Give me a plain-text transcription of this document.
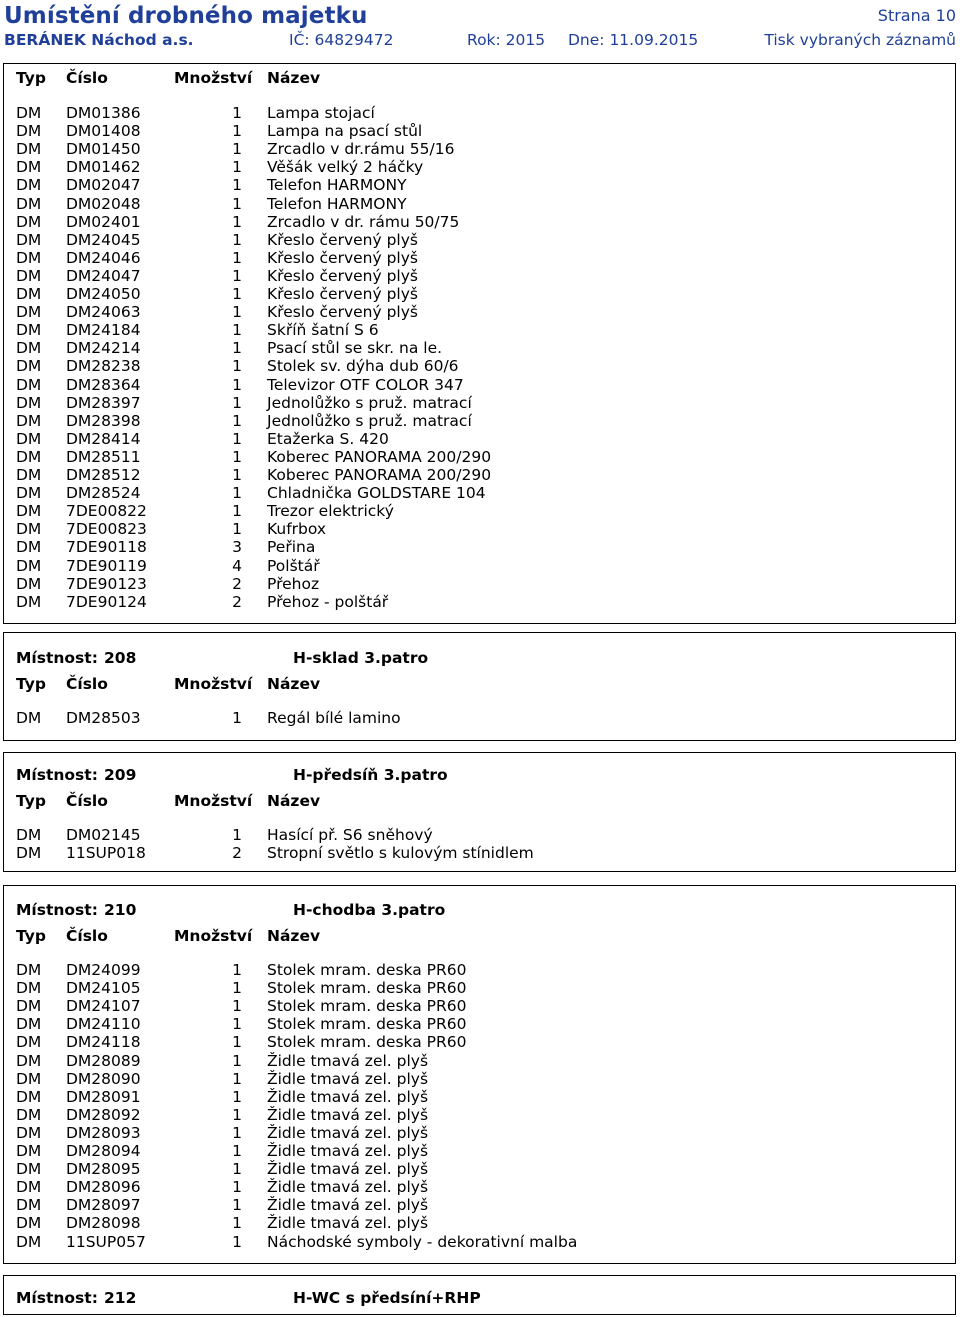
Umístění drobného majetku	Strana 10
BERÁNEK Náchod a.s.	IČ: 64829472	Rok: 2015 Dne: 11.09.2015	Tisk vybraných záznamů
Typ Číslo	Množství Název
DM DM01386	1 Lampa stojací
DM DM01408	1 Lampa na psací stůl
DM DM01450	1 Zrcadlo v dr.rámu 55/16
DM DM01462	1 Věšák velký 2 háčky
DM DM02047	1 Telefon HARMONY
DM DM02048	1 Telefon HARMONY
DM DM02401	1 Zrcadlo v dr. rámu 50/75
DM DM24045	1 Křeslo červený plyš
DM DM24046	1 Křeslo červený plyš
DM DM24047	1 Křeslo červený plyš
DM DM24050	1 Křeslo červený plyš
DM DM24063	1 Křeslo červený plyš
DM DM24184	1 Skříň šatní S 6
DM DM24214	1 Psací stůl se skr. na le.
DM DM28238	1 Stolek sv. dýha dub 60/6
DM DM28364	1 Televizor OTF COLOR 347
DM DM28397	1 Jednolůžko s pruž. matrací
DM DM28398	1 Jednolůžko s pruž. matrací
DM DM28414	1 Etažerka S. 420
DM DM28511	1 Koberec PANORAMA 200/290
DM DM28512	1 Koberec PANORAMA 200/290
DM DM28524	1 Chladnička GOLDSTARE 104
DM 7DE00822	1 Trezor elektrický
DM 7DE00823	1 Kufrbox
DM 7DE90118	3 Peřina
DM 7DE90119	4 Polštář
DM 7DE90123	2 Přehoz
DM 7DE90124	2 Přehoz - polštář
Místnost: 208	H-sklad 3.patro
Typ Číslo	Množství Název
DM DM28503	1 Regál bílé lamino
Místnost: 209	H-předsíň 3.patro
Typ Číslo	Množství Název
DM DM02145	1 Hasící př. S6 sněhový
DM 11SUP018	2 Stropní světlo s kulovým stínidlem
Místnost: 210	H-chodba 3.patro
Typ Číslo	Množství Název
DM DM24099	1 Stolek mram. deska PR60
DM DM24105	1 Stolek mram. deska PR60
DM DM24107	1 Stolek mram. deska PR60
DM DM24110	1 Stolek mram. deska PR60
DM DM24118	1 Stolek mram. deska PR60
DM DM28089	1 Židle tmavá zel. plyš
DM DM28090	1 Židle tmavá zel. plyš
DM DM28091	1 Židle tmavá zel. plyš
DM DM28092	1 Židle tmavá zel. plyš
DM DM28093	1 Židle tmavá zel. plyš
DM DM28094	1 Židle tmavá zel. plyš
DM DM28095	1 Židle tmavá zel. plyš
DM DM28096	1 Židle tmavá zel. plyš
DM DM28097	1 Židle tmavá zel. plyš
DM DM28098	1 Židle tmavá zel. plyš
DM 11SUP057	1 Náchodské symboly - dekorativní malba
Místnost: 212	H-WC s předsíní+RHP
